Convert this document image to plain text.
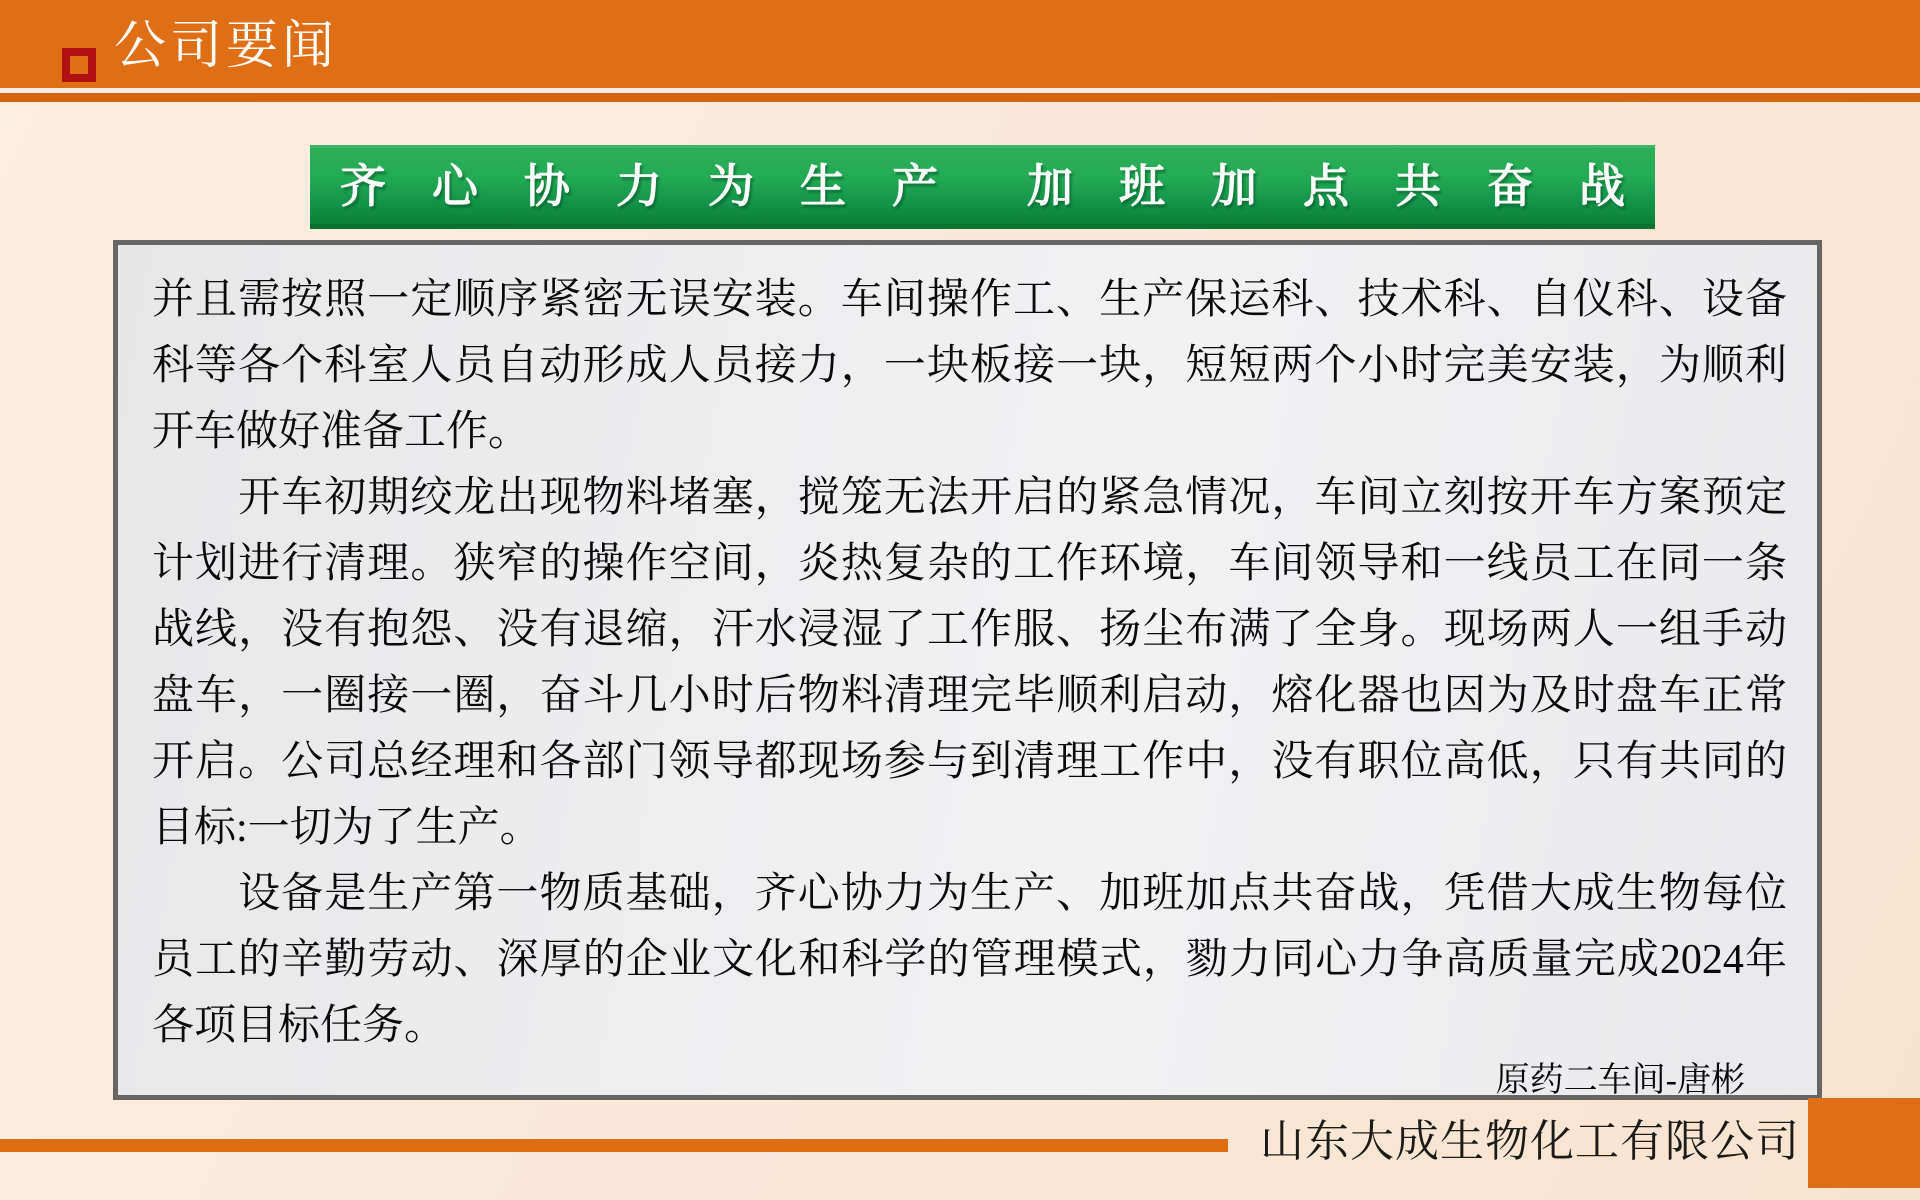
公司要闻
齐 心 协 力 为 生 产 加 班 加 点 共 奋 战
并且需按照一定顺序紧密无误安装。车间操作工、生产保运科、技术科、自仪科、设备
科等各个科室人员自动形成人员接力，一块板接一块，短短两个小时完美安装，为顺利
开车做好准备工作。
　　开车初期绞龙出现物料堵塞，搅笼无法开启的紧急情况，车间立刻按开车方案预定
计划进行清理。狭窄的操作空间，炎热复杂的工作环境，车间领导和一线员工在同一条
战线，没有抱怨、没有退缩，汗水浸湿了工作服、扬尘布满了全身。现场两人一组手动
盘车，一圈接一圈，奋斗几小时后物料清理完毕顺利启动，熔化器也因为及时盘车正常
开启。公司总经理和各部门领导都现场参与到清理工作中，没有职位高低，只有共同的
目标:一切为了生产。
　　设备是生产第一物质基础，齐心协力为生产、加班加点共奋战，凭借大成生物每位
员工的辛勤劳动、深厚的企业文化和科学的管理模式，勠力同心力争高质量完成2024年
各项目标任务。
原药二车间-唐彬
山东大成生物化工有限公司
